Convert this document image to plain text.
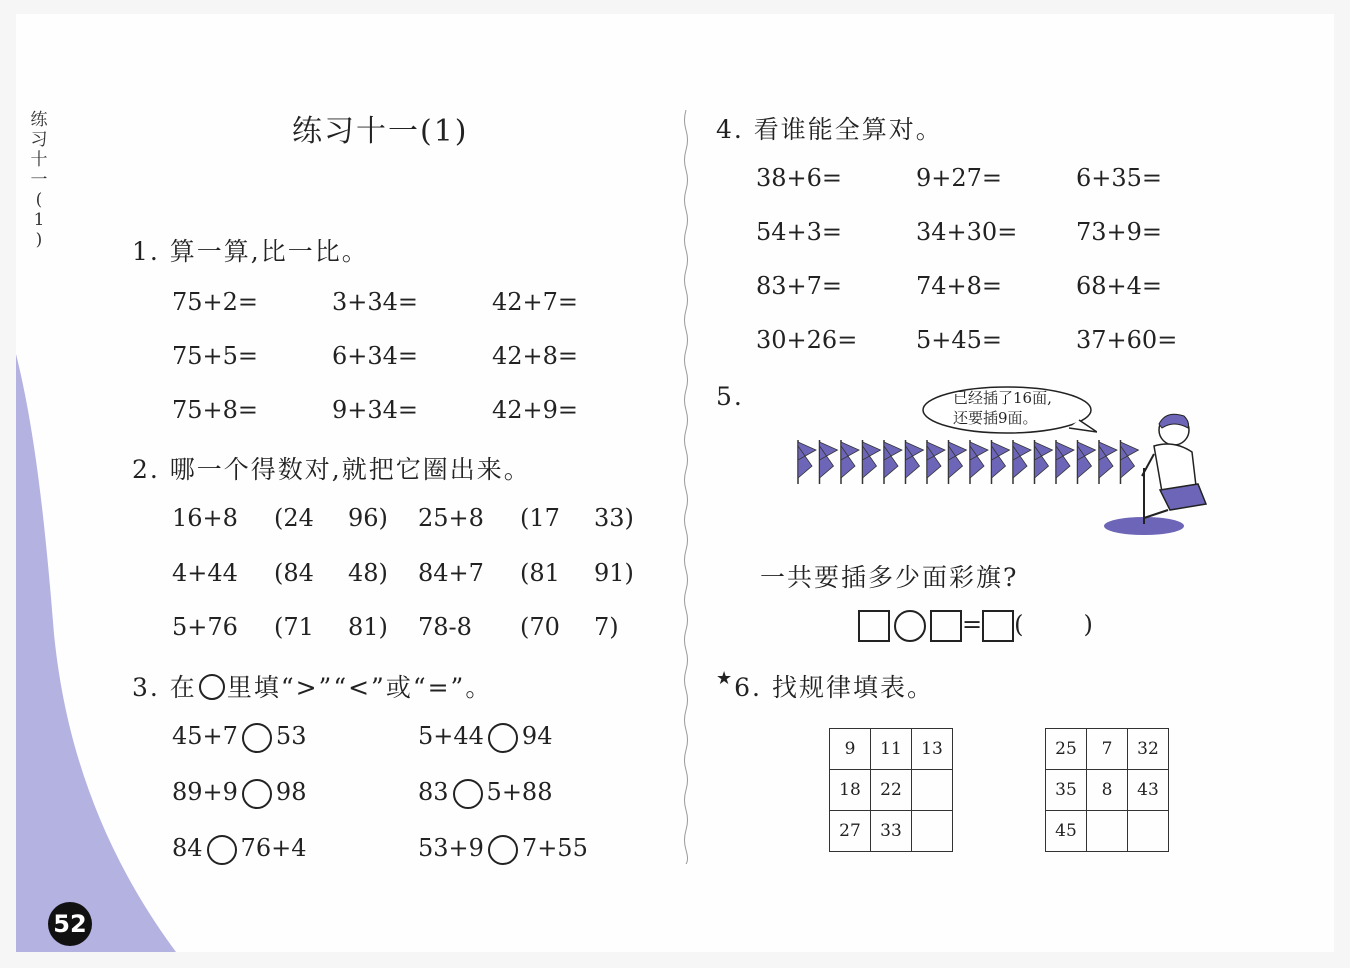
练
习
十
一
(
1
)
52
练习十一(1)
1. 算一算,比一比。
75+2=	3+34=	42+7=
75+5=	6+34=	42+8=
75+8=	9+34=	42+9=
2. 哪一个得数对,就把它圈出来。
16+8 (24 96) 25+8 (17 33)
4+44 (84 48) 84+7 (81 91)
5+76 (71 81) 78-8 (70 7)
3. 在 里填“>”“<”或“=”。
45+7 53	5+44 94
89+9 98	83 5+88
84 76+4	53+9 7+55
4. 看谁能全算对。
38+6=	9+27=	6+35=
54+3=	34+30= 73+9=
83+7=	74+8=	68+4=
30+26= 5+45=	37+60=
5.	已经插了16面,
还要插9面。
一共要插多少面彩旗?
= (	)
★6. 找规律填表。
9	11	13
18	22	
27	33	
25	7	32
35	8	43
45		
